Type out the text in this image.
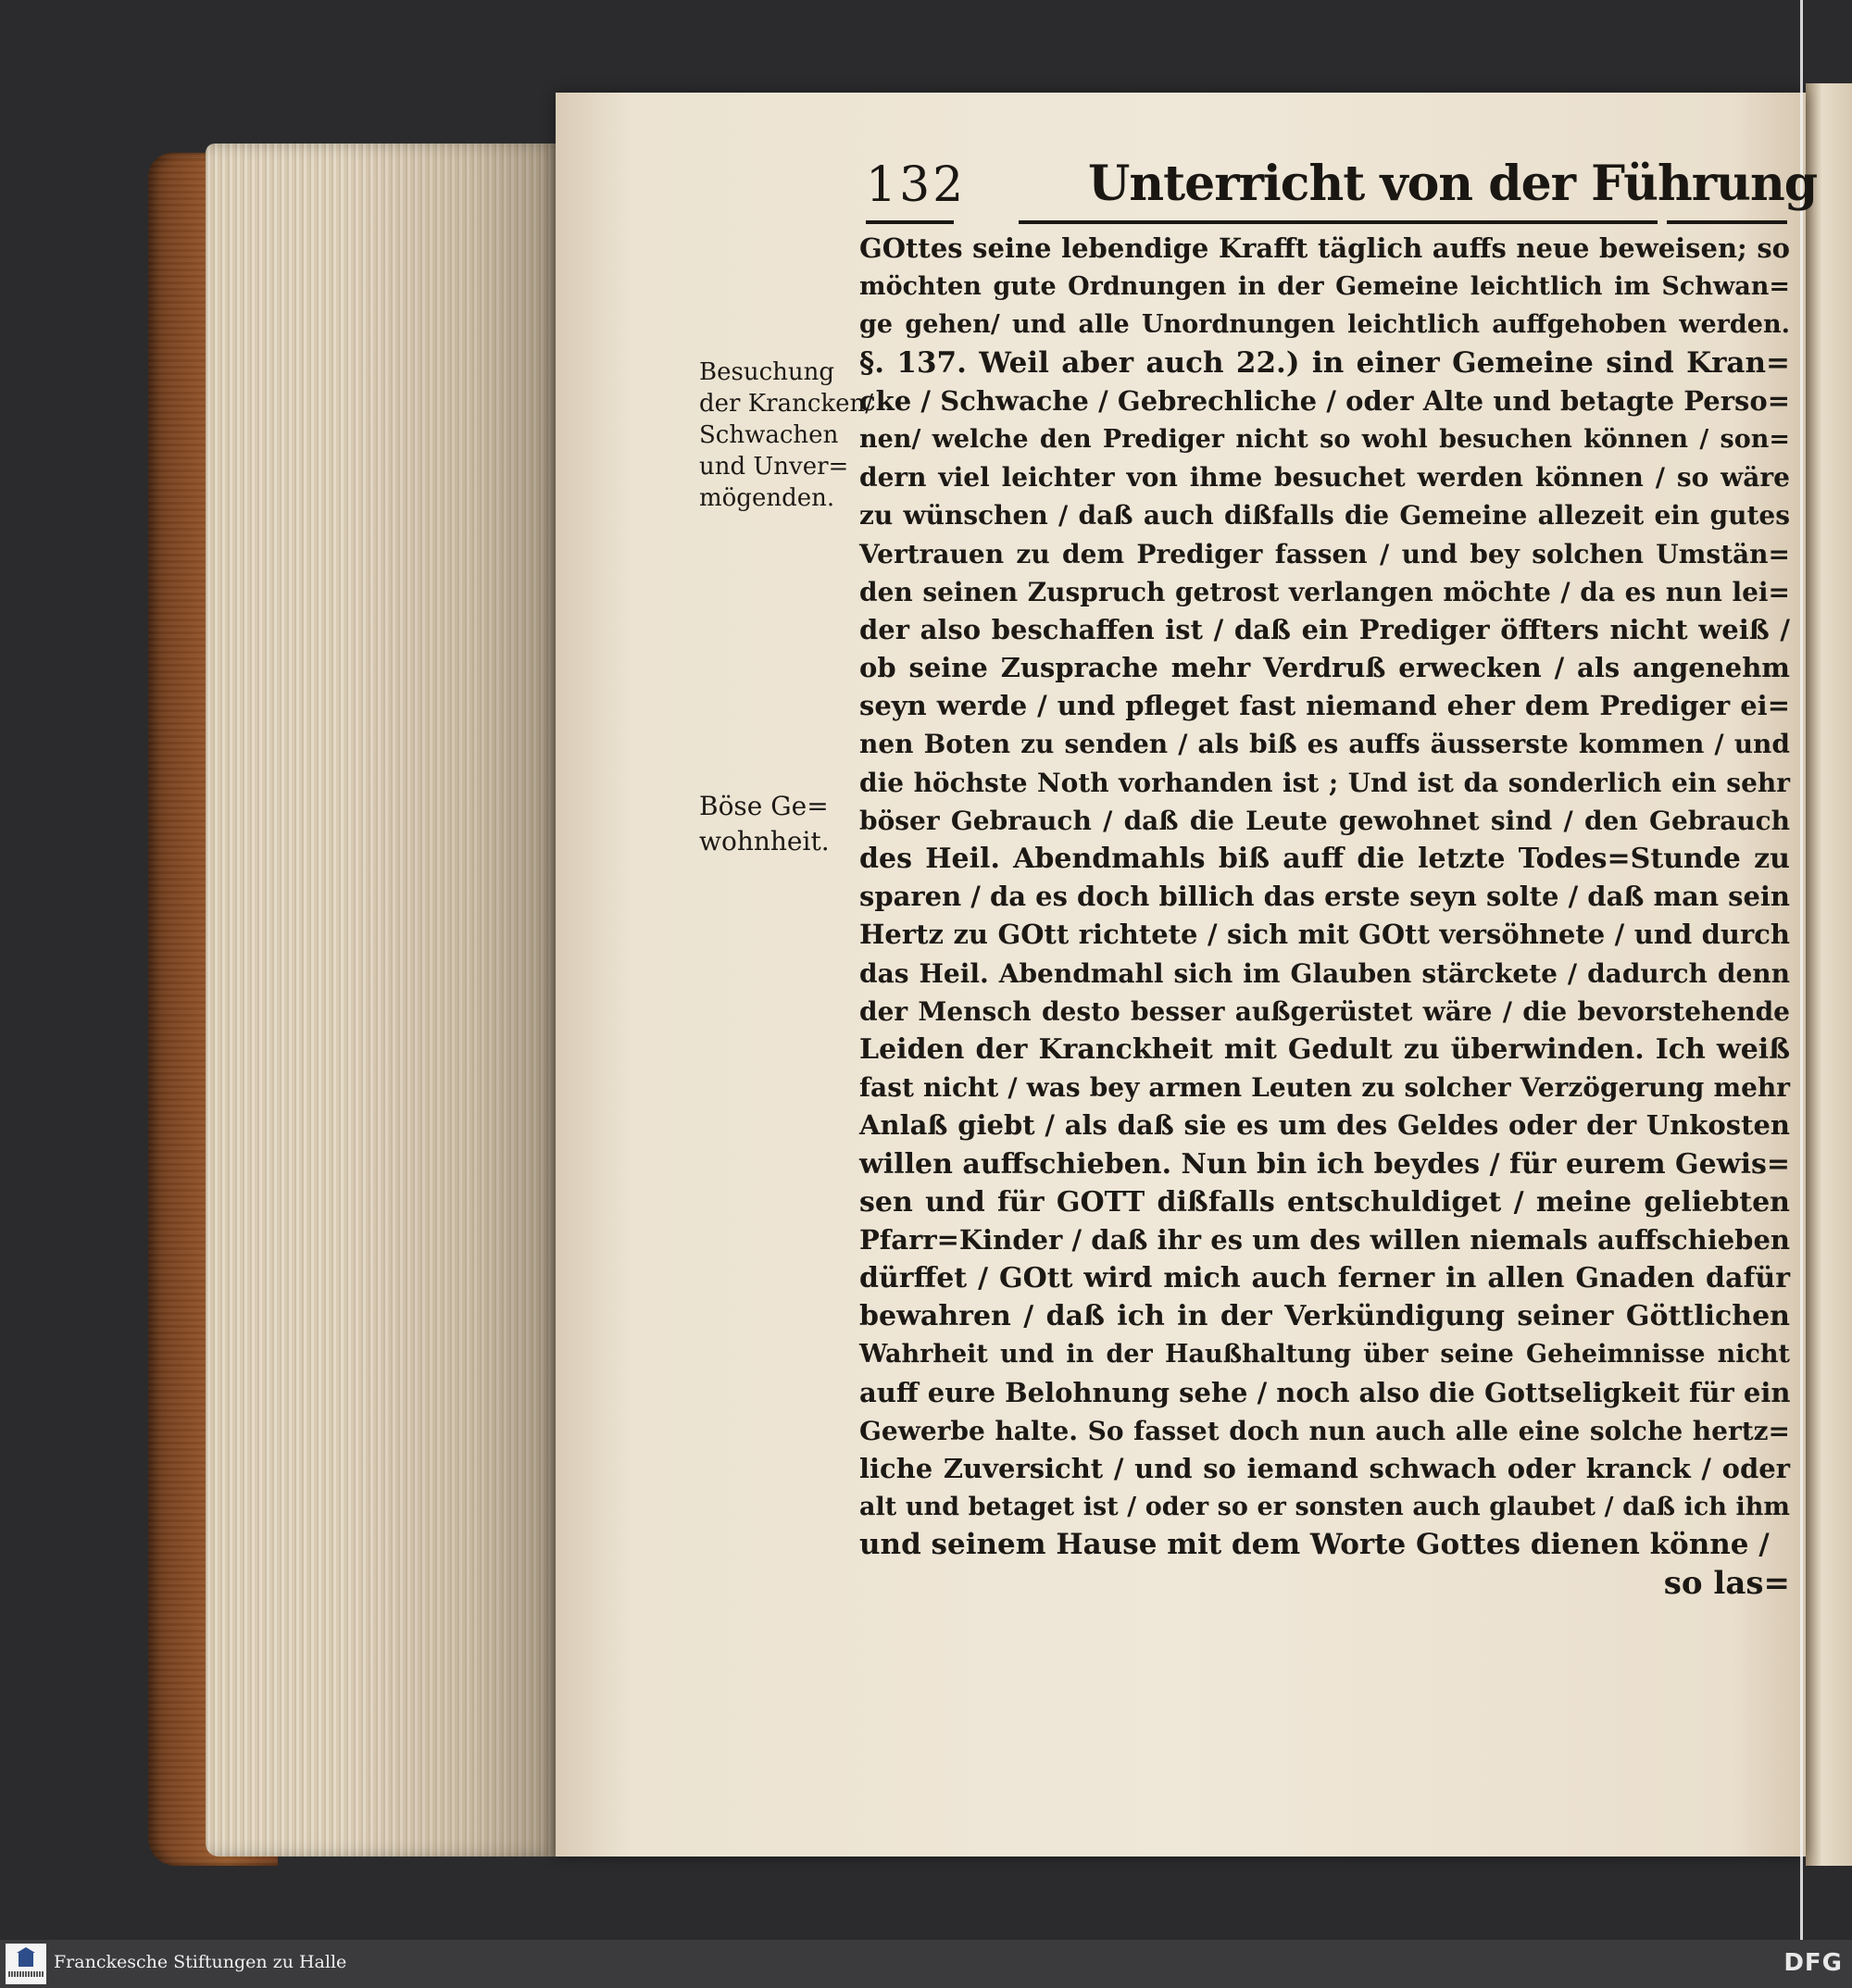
132	Unterricht von der Führung
Besuchung
der Krancken/
Schwachen
und Unver=
mögenden.
Böse Ge=
wohnheit.
GOttes seine lebendige Krafft täglich auffs neue beweisen; so
möchten gute Ordnungen in der Gemeine leichtlich im Schwan=
ge gehen/ und alle Unordnungen leichtlich auffgehoben werden.
§. 137. Weil aber auch 22.) in einer Gemeine sind Kran=
cke / Schwache / Gebrechliche / oder Alte und betagte Perso=
nen/ welche den Prediger nicht so wohl besuchen können / son=
dern viel leichter von ihme besuchet werden können / so wäre
zu wünschen / daß auch dißfalls die Gemeine allezeit ein gutes
Vertrauen zu dem Prediger fassen / und bey solchen Umstän=
den seinen Zuspruch getrost verlangen möchte / da es nun lei=
der also beschaffen ist / daß ein Prediger öffters nicht weiß /
ob seine Zusprache mehr Verdruß erwecken / als angenehm
seyn werde / und pfleget fast niemand eher dem Prediger ei=
nen Boten zu senden / als biß es auffs äusserste kommen / und
die höchste Noth vorhanden ist ; Und ist da sonderlich ein sehr
böser Gebrauch / daß die Leute gewohnet sind / den Gebrauch
des Heil. Abendmahls biß auff die letzte Todes=Stunde zu
sparen / da es doch billich das erste seyn solte / daß man sein
Hertz zu GOtt richtete / sich mit GOtt versöhnete / und durch
das Heil. Abendmahl sich im Glauben stärckete / dadurch denn
der Mensch desto besser außgerüstet wäre / die bevorstehende
Leiden der Kranckheit mit Gedult zu überwinden. Ich weiß
fast nicht / was bey armen Leuten zu solcher Verzögerung mehr
Anlaß giebt / als daß sie es um des Geldes oder der Unkosten
willen auffschieben. Nun bin ich beydes / für eurem Gewis=
sen und für GOTT dißfalls entschuldiget / meine geliebten
Pfarr=Kinder / daß ihr es um des willen niemals auffschieben
dürffet / GOtt wird mich auch ferner in allen Gnaden dafür
bewahren / daß ich in der Verkündigung seiner Göttlichen
Wahrheit und in der Haußhaltung über seine Geheimnisse nicht
auff eure Belohnung sehe / noch also die Gottseligkeit für ein
Gewerbe halte. So fasset doch nun auch alle eine solche hertz=
liche Zuversicht / und so iemand schwach oder kranck / oder
alt und betaget ist / oder so er sonsten auch glaubet / daß ich ihm
und seinem Hause mit dem Worte Gottes dienen könne /
so las=
Franckesche Stiftungen zu Halle	DFG
